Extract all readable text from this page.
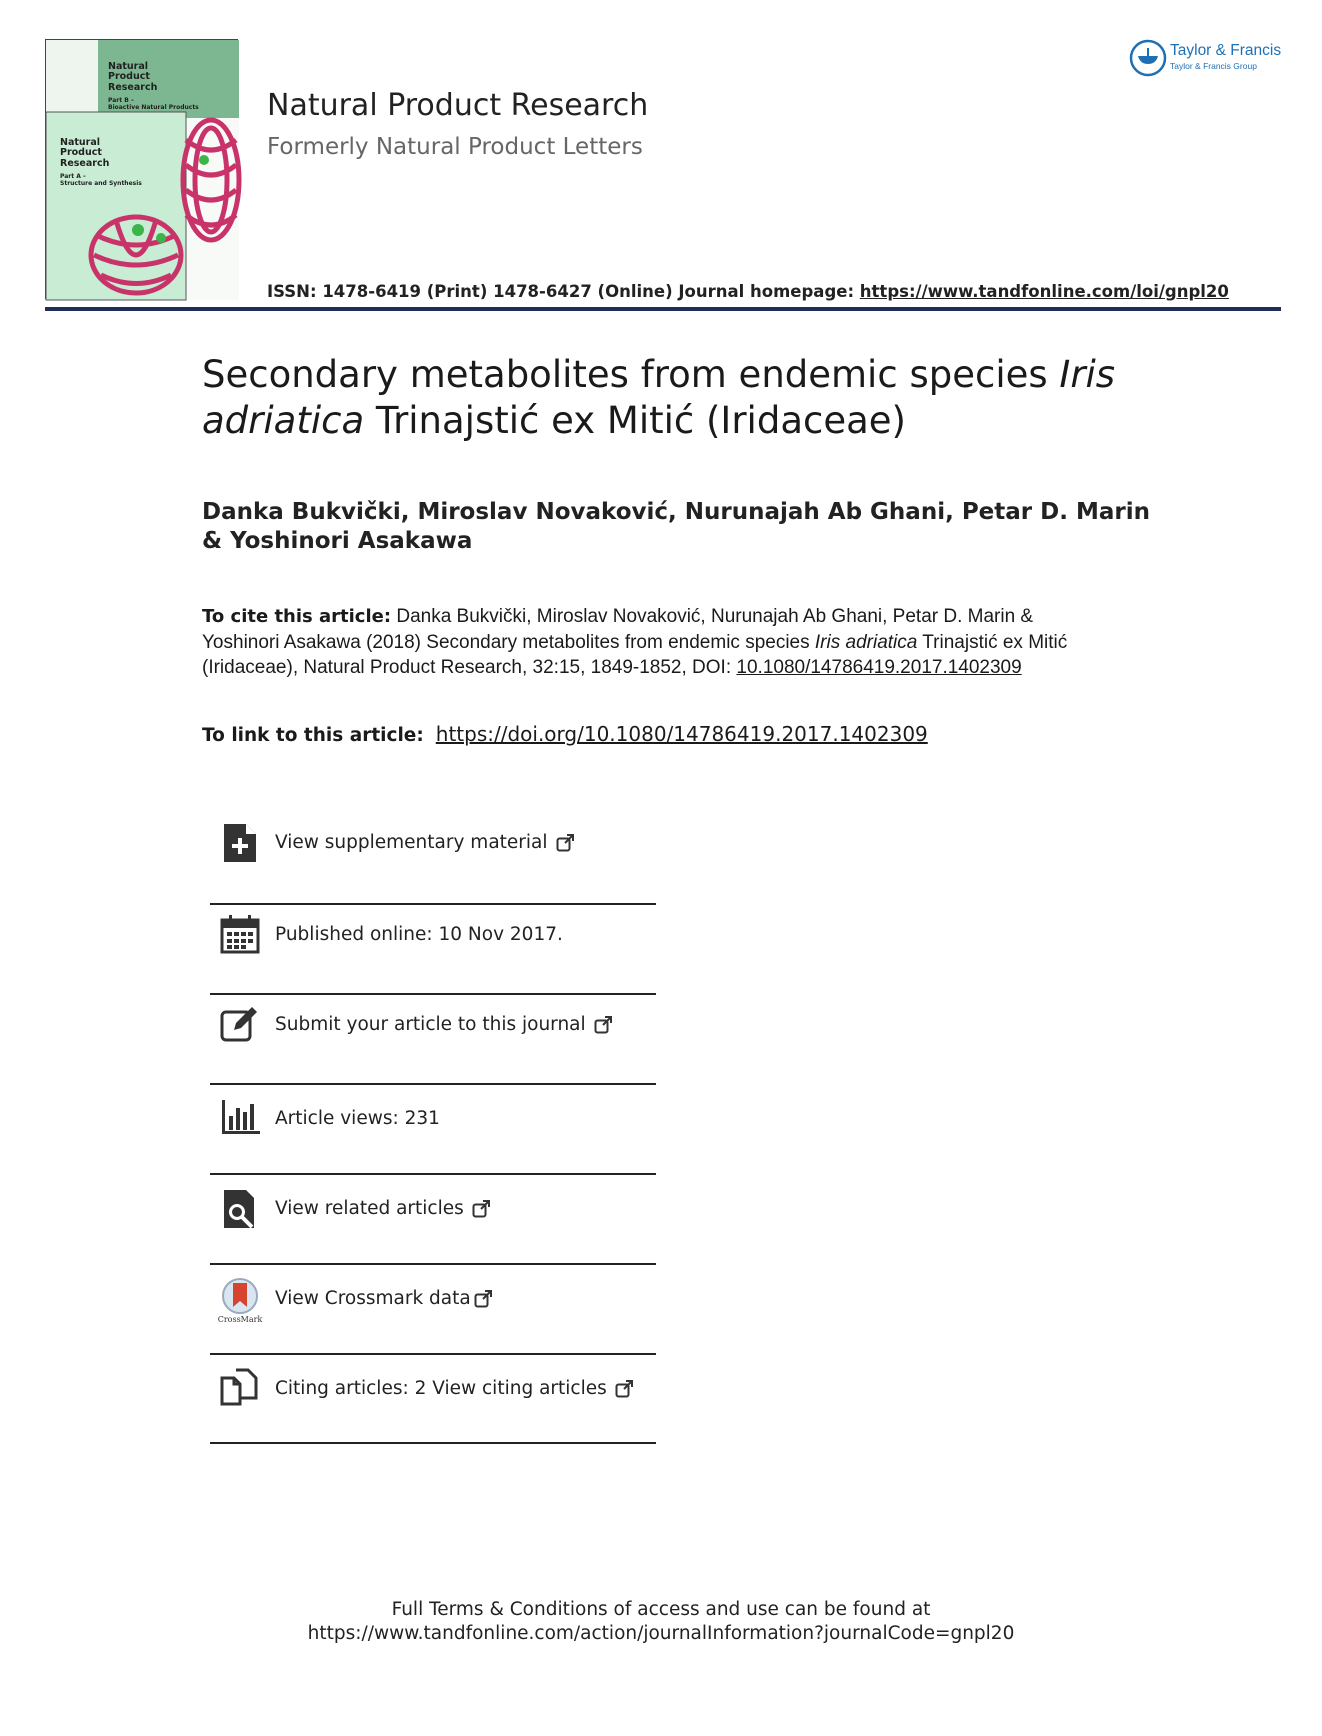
Natural
Product
Research
Part B –
Bioactive Natural Products
Natural
Product
Research
Part A –
Structure and Synthesis
Natural Product Research
Formerly Natural Product Letters
ISSN: 1478-6419 (Print) 1478-6427 (Online) Journal homepage: https://www.tandfonline.com/loi/gnpl20
Taylor & Francis
Taylor & Francis Group
Secondary metabolites from endemic species Iris adriatica Trinajstić ex Mitić (Iridaceae)
Danka Bukvički, Miroslav Novaković, Nurunajah Ab Ghani, Petar D. Marin & Yoshinori Asakawa
To cite this article: Danka Bukvički, Miroslav Novaković, Nurunajah Ab Ghani, Petar D. Marin & Yoshinori Asakawa (2018) Secondary metabolites from endemic species Iris adriatica Trinajstić ex Mitić (Iridaceae), Natural Product Research, 32:15, 1849-1852, DOI: 10.1080/14786419.2017.1402309
To link to this article: https://doi.org/10.1080/14786419.2017.1402309
View supplementary material
Published online: 10 Nov 2017.
Submit your article to this journal
Article views: 231
View related articles
CrossMark
View Crossmark data
Citing articles: 2 View citing articles
Full Terms & Conditions of access and use can be found at
https://www.tandfonline.com/action/journalInformation?journalCode=gnpl20
